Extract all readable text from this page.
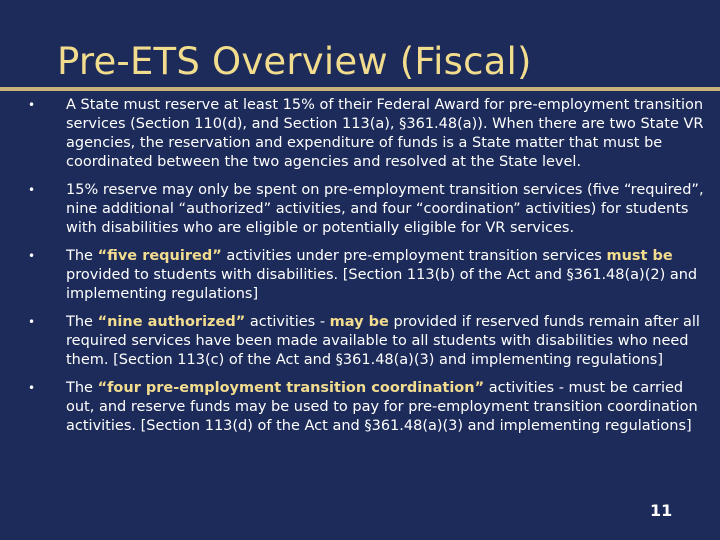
Pre-ETS Overview (Fiscal)
• A State must reserve at least 15% of their Federal Award for pre-employment transition services (Section 110(d), and Section 113(a), §361.48(a)). When there are two State VR agencies, the reservation and expenditure of funds is a State matter that must be coordinated between the two agencies and resolved at the State level.
• 15% reserve may only be spent on pre-employment transition services (five “required”, nine additional “authorized” activities, and four “coordination” activities) for students with disabilities who are eligible or potentially eligible for VR services.
• The “five required” activities under pre-employment transition services must be provided to students with disabilities. [Section 113(b) of the Act and §361.48(a)(2) and implementing regulations]
• The “nine authorized” activities - may be provided if reserved funds remain after all required services have been made available to all students with disabilities who need them. [Section 113(c) of the Act and §361.48(a)(3) and implementing regulations]
• The “four pre-employment transition coordination” activities - must be carried out, and reserve funds may be used to pay for pre-employment transition coordination activities. [Section 113(d) of the Act and §361.48(a)(3) and implementing regulations]
11
